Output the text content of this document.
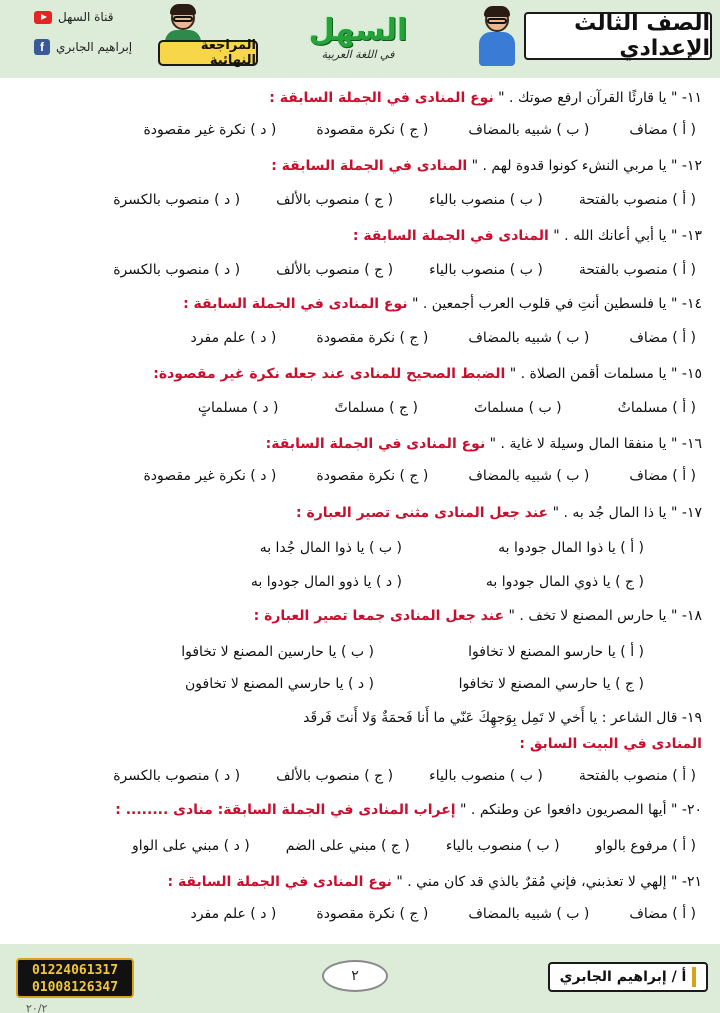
الصف الثالث الإعدادي
السهل
في اللغة العربية
المراجعة النهائية
قناة السهل
f	إبراهيم الجابري
١١- " يا قارئًا القرآن ارفع صوتك . " نوع المنادى في الجملة السابقة :
( أ ) مضاف
( ب ) شبيه بالمضاف
( ج ) نكرة مقصودة
( د ) نكرة غير مقصودة
١٢- " يا مربي النشء كونوا قدوة لهم . " المنادى في الجملة السابقة :
( أ ) منصوب بالفتحة
( ب ) منصوب بالياء
( ج ) منصوب بالألف
( د ) منصوب بالكسرة
١٣- " يا أبي أعانك الله . " المنادى في الجملة السابقة :
( أ ) منصوب بالفتحة
( ب ) منصوب بالياء
( ج ) منصوب بالألف
( د ) منصوب بالكسرة
١٤- " يا فلسطين أنتِ في قلوب العرب أجمعين . " نوع المنادى في الجملة السابقة :
( أ ) مضاف
( ب ) شبيه بالمضاف
( ج ) نكرة مقصودة
( د ) علم مفرد
١٥- " يا مسلمات أقمن الصلاة . " الضبط الصحيح للمنادى عند جعله نكرة غير مقصودة:
( أ ) مسلماتُ
( ب ) مسلماتَ
( ج ) مسلماتً
( د ) مسلماتٍ
١٦- " يا منفقا المال وسيلة لا غاية . " نوع المنادى في الجملة السابقة:
( أ ) مضاف
( ب ) شبيه بالمضاف
( ج ) نكرة مقصودة
( د ) نكرة غير مقصودة
١٧- " يا ذا المال جُد به . " عند جعل المنادى مثنى تصير العبارة :
( أ ) يا ذوا المال جودوا به
( ب ) يا ذوا المال جُدا به
( ج ) يا ذوي المال جودوا به
( د ) يا ذوو المال جودوا به
١٨- " يا حارس المصنع لا تخف . " عند جعل المنادى جمعا تصير العبارة :
( أ ) يا حارسو المصنع لا تخافوا
( ب ) يا حارسين المصنع لا تخافوا
( ج ) يا حارسي المصنع لا تخافوا
( د ) يا حارسي المصنع لا تخافون
١٩- قال الشاعر : يا أَخي لا تَمِل بِوَجهِكَ عَنّي ما أَنا فَحمَةٌ وَلا أَنتَ فَرقَد
المنادى في البيت السابق :
( أ ) منصوب بالفتحة
( ب ) منصوب بالياء
( ج ) منصوب بالألف
( د ) منصوب بالكسرة
٢٠- " أيها المصريون دافعوا عن وطنكم . " إعراب المنادى في الجملة السابقة: منادى ........ :
( أ ) مرفوع بالواو
( ب ) منصوب بالياء
( ج ) مبني على الضم
( د ) مبني على الواو
٢١- " إلهي لا تعذبني، فإني مُقرٌ بالذي قد كان مني . " نوع المنادى في الجملة السابقة :
( أ ) مضاف
( ب ) شبيه بالمضاف
( ج ) نكرة مقصودة
( د ) علم مفرد
أ / إبراهيم الجابري
٢
01224061317
01008126347
٢٠/٢
